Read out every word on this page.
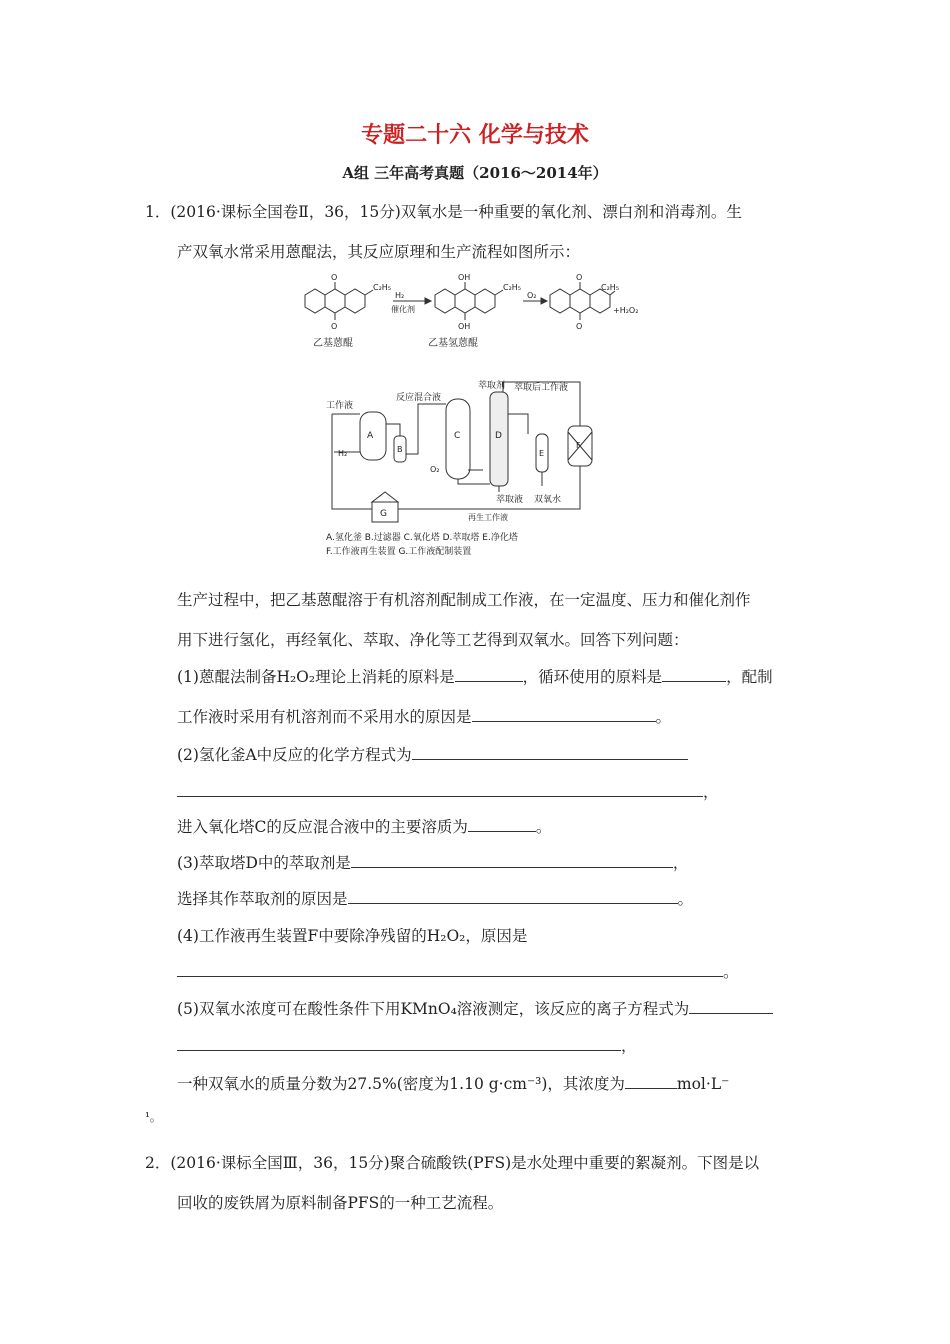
专题二十六 化学与技术
A组 三年高考真题（2016～2014年）
1．(2016·课标全国卷Ⅱ，36，15分)双氧水是一种重要的氧化剂、漂白剂和消毒剂。生
产双氧水常采用蒽醌法，其反应原理和生产流程如图所示：
O
O
C₂H₅
H₂
催化剂
OH
OH
C₂H₅
O₂
O
O
C₂H₅
+H₂O₂
乙基蒽醌	乙基氢蒽醌
A
B
C	D
E
F
G
工作液
H₂
反应混合液
萃取剂 萃取后工作液
O₂
萃取液 双氧水
再生工作液
A.氢化釜 B.过滤器 C.氧化塔 D.萃取塔 E.净化塔
F.工作液再生装置 G.工作液配制装置
生产过程中，把乙基蒽醌溶于有机溶剂配制成工作液，在一定温度、压力和催化剂作
用下进行氢化，再经氧化、萃取、净化等工艺得到双氧水。回答下列问题：
(1)蒽醌法制备H₂O₂理论上消耗的原料是	，循环使用的原料是	，配制
工作液时采用有机溶剂而不采用水的原因是	。
(2)氢化釜A中反应的化学方程式为
，
进入氧化塔C的反应混合液中的主要溶质为	。
(3)萃取塔D中的萃取剂是	，
选择其作萃取剂的原因是	。
(4)工作液再生装置F中要除净残留的H₂O₂，原因是
。
(5)双氧水浓度可在酸性条件下用KMnO₄溶液测定，该反应的离子方程式为
，
一种双氧水的质量分数为27.5%(密度为1.10 g·cm⁻³)，其浓度为	mol·L⁻
¹。
2．(2016·课标全国Ⅲ，36，15分)聚合硫酸铁(PFS)是水处理中重要的絮凝剂。下图是以
回收的废铁屑为原料制备PFS的一种工艺流程。
